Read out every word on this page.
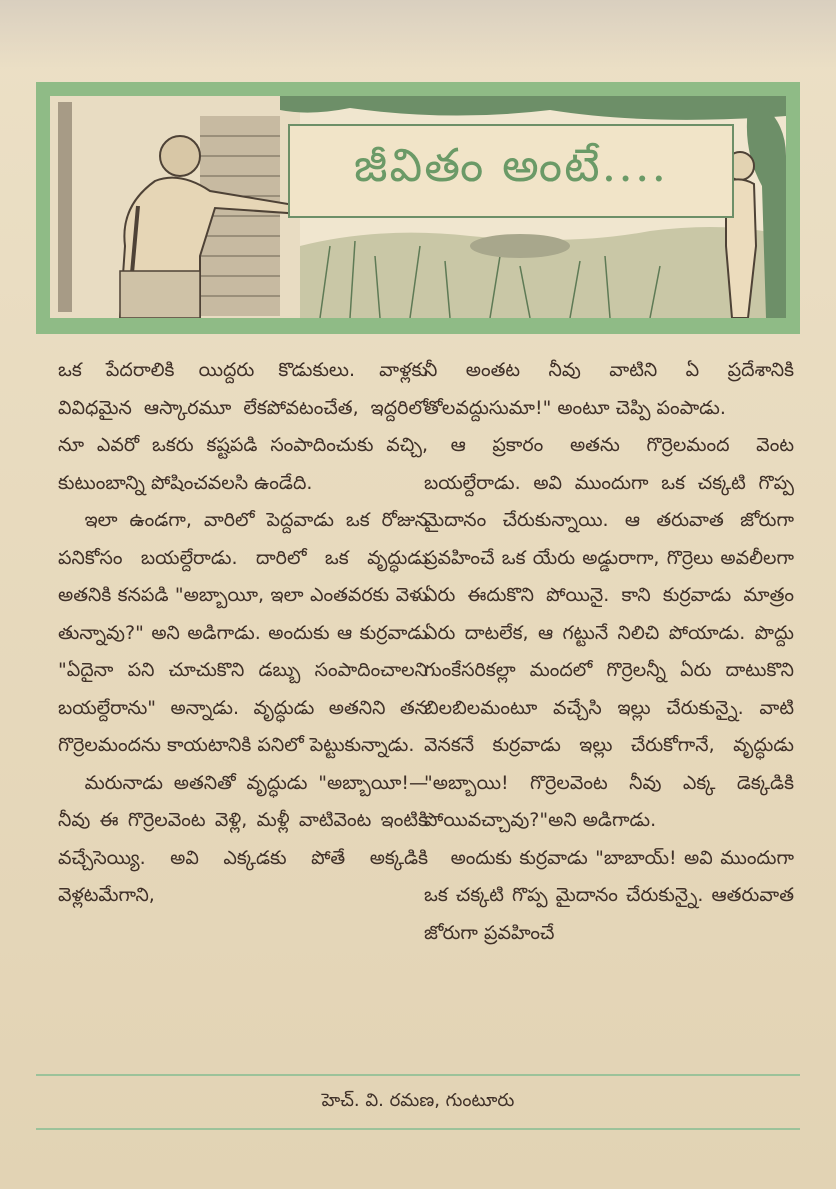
జీవితం అంటే....

ఒక పేదరాలికి యిద్దరు కొడుకులు. వాళ్లకు వివిధమైన ఆస్కారమూ లేకపోవటంచేత, ఇద్దరిలో నూ ఎవరో ఒకరు కష్టపడి సంపాదించుకు వచ్చి, కుటుంబాన్ని పోషించవలసి ఉండేది.

ఇలా ఉండగా, వారిలో పెద్దవాడు ఒక రోజున పనికోసం బయల్దేరాడు. దారిలో ఒక వృద్ధుడు అతనికి కనపడి "అబ్బాయీ, ఇలా ఎంతవరకు వెళు తున్నావు?" అని అడిగాడు. అందుకు ఆ కుర్రవాడు "ఏదైనా పని చూచుకొని డబ్బు సంపాదించాలని బయల్దేరాను" అన్నాడు. వృద్ధుడు అతనిని తన గొర్రెలమందను కాయటానికి పనిలో పెట్టుకున్నాడు.

మరునాడు అతనితో వృద్ధుడు "అబ్బాయీ!—నీవు ఈ గొర్రెలవెంట వెళ్లి, మళ్లీ వాటివెంట ఇంటికి వచ్చేసెయ్యి. అవి ఎక్కడకు పోతే అక్కడికి వెళ్లటమేగాని,

నీ అంతట నీవు వాటిని ఏ ప్రదేశానికి తోలవద్దుసుమా!" అంటూ చెప్పి పంపాడు.

ఆ ప్రకారం అతను గొర్రెలమంద వెంట బయల్దేరాడు. అవి ముందుగా ఒక చక్కటి గొప్ప మైదానం చేరుకున్నాయి. ఆ తరువాత జోరుగా ప్రవహించే ఒక యేరు అడ్డురాగా, గొర్రెలు అవలీలగా ఏరు ఈదుకొని పోయినై. కాని కుర్రవాడు మాత్రం ఏరు దాటలేక, ఆ గట్టునే నిలిచి పోయాడు. పొద్దు గుంకేసరికల్లా మందలో గొర్రెలన్నీ ఏరు దాటుకొని బిలబిలమంటూ వచ్చేసి ఇల్లు చేరుకున్నై. వాటి వెనకనే కుర్రవాడు ఇల్లు చేరుకోగానే, వృద్ధుడు "అబ్బాయి! గొర్రెలవెంట నీవు ఎక్క డెక్కడికి పోయివచ్చావు?"అని అడిగాడు.

అందుకు కుర్రవాడు "బాబాయ్! అవి ముందుగా ఒక చక్కటి గొప్ప మైదానం చేరుకున్నై. ఆతరువాత జోరుగా ప్రవహించే

హెచ్. వి. రమణ, గుంటూరు
